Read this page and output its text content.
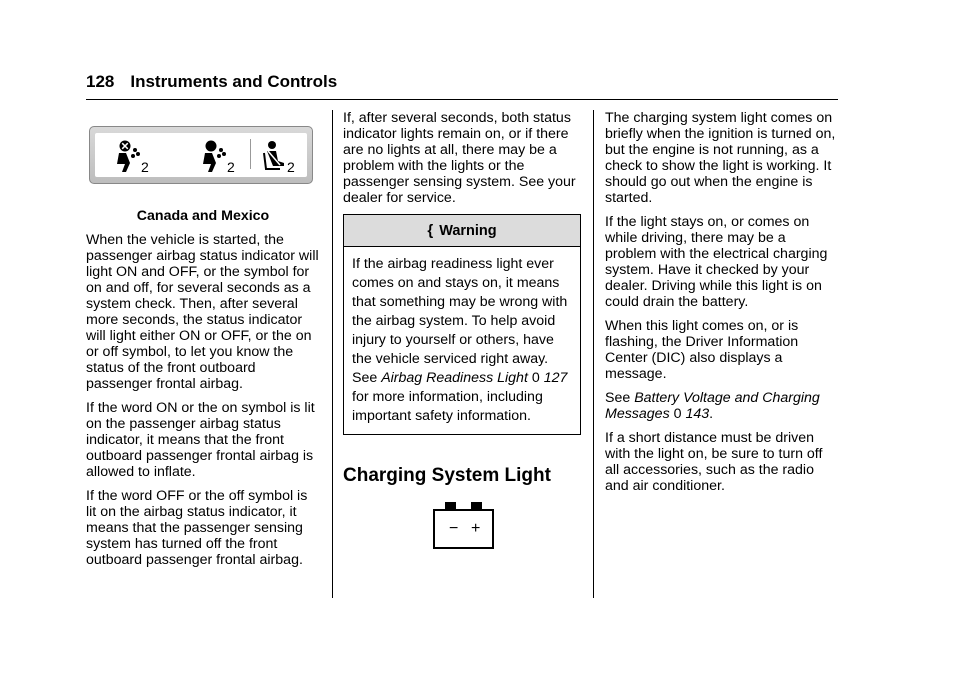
128 Instruments and Controls
2	2	2
Canada and Mexico

When the vehicle is started, the passenger airbag status indicator will light ON and OFF, or the symbol for on and off, for several seconds as a system check. Then, after several more seconds, the status indicator will light either ON or OFF, or the on or off symbol, to let you know the status of the front outboard passenger frontal airbag.

If the word ON or the on symbol is lit on the passenger airbag status indicator, it means that the front outboard passenger frontal airbag is allowed to inflate.

If the word OFF or the off symbol is lit on the airbag status indicator, it means that the passenger sensing system has turned off the front outboard passenger frontal airbag.

If, after several seconds, both status indicator lights remain on, or if there are no lights at all, there may be a problem with the lights or the passenger sensing system. See your dealer for service.

{ Warning
If the airbag readiness light ever comes on and stays on, it means that something may be wrong with the airbag system. To help avoid injury to yourself or others, have the vehicle serviced right away. See Airbag Readiness Light 0 127 for more information, including important safety information.
Charging System Light
− +

The charging system light comes on briefly when the ignition is turned on, but the engine is not running, as a check to show the light is working. It should go out when the engine is started.

If the light stays on, or comes on while driving, there may be a problem with the electrical charging system. Have it checked by your dealer. Driving while this light is on could drain the battery.

When this light comes on, or is flashing, the Driver Information Center (DIC) also displays a message.

See Battery Voltage and Charging Messages 0 143.

If a short distance must be driven with the light on, be sure to turn off all accessories, such as the radio and air conditioner.
